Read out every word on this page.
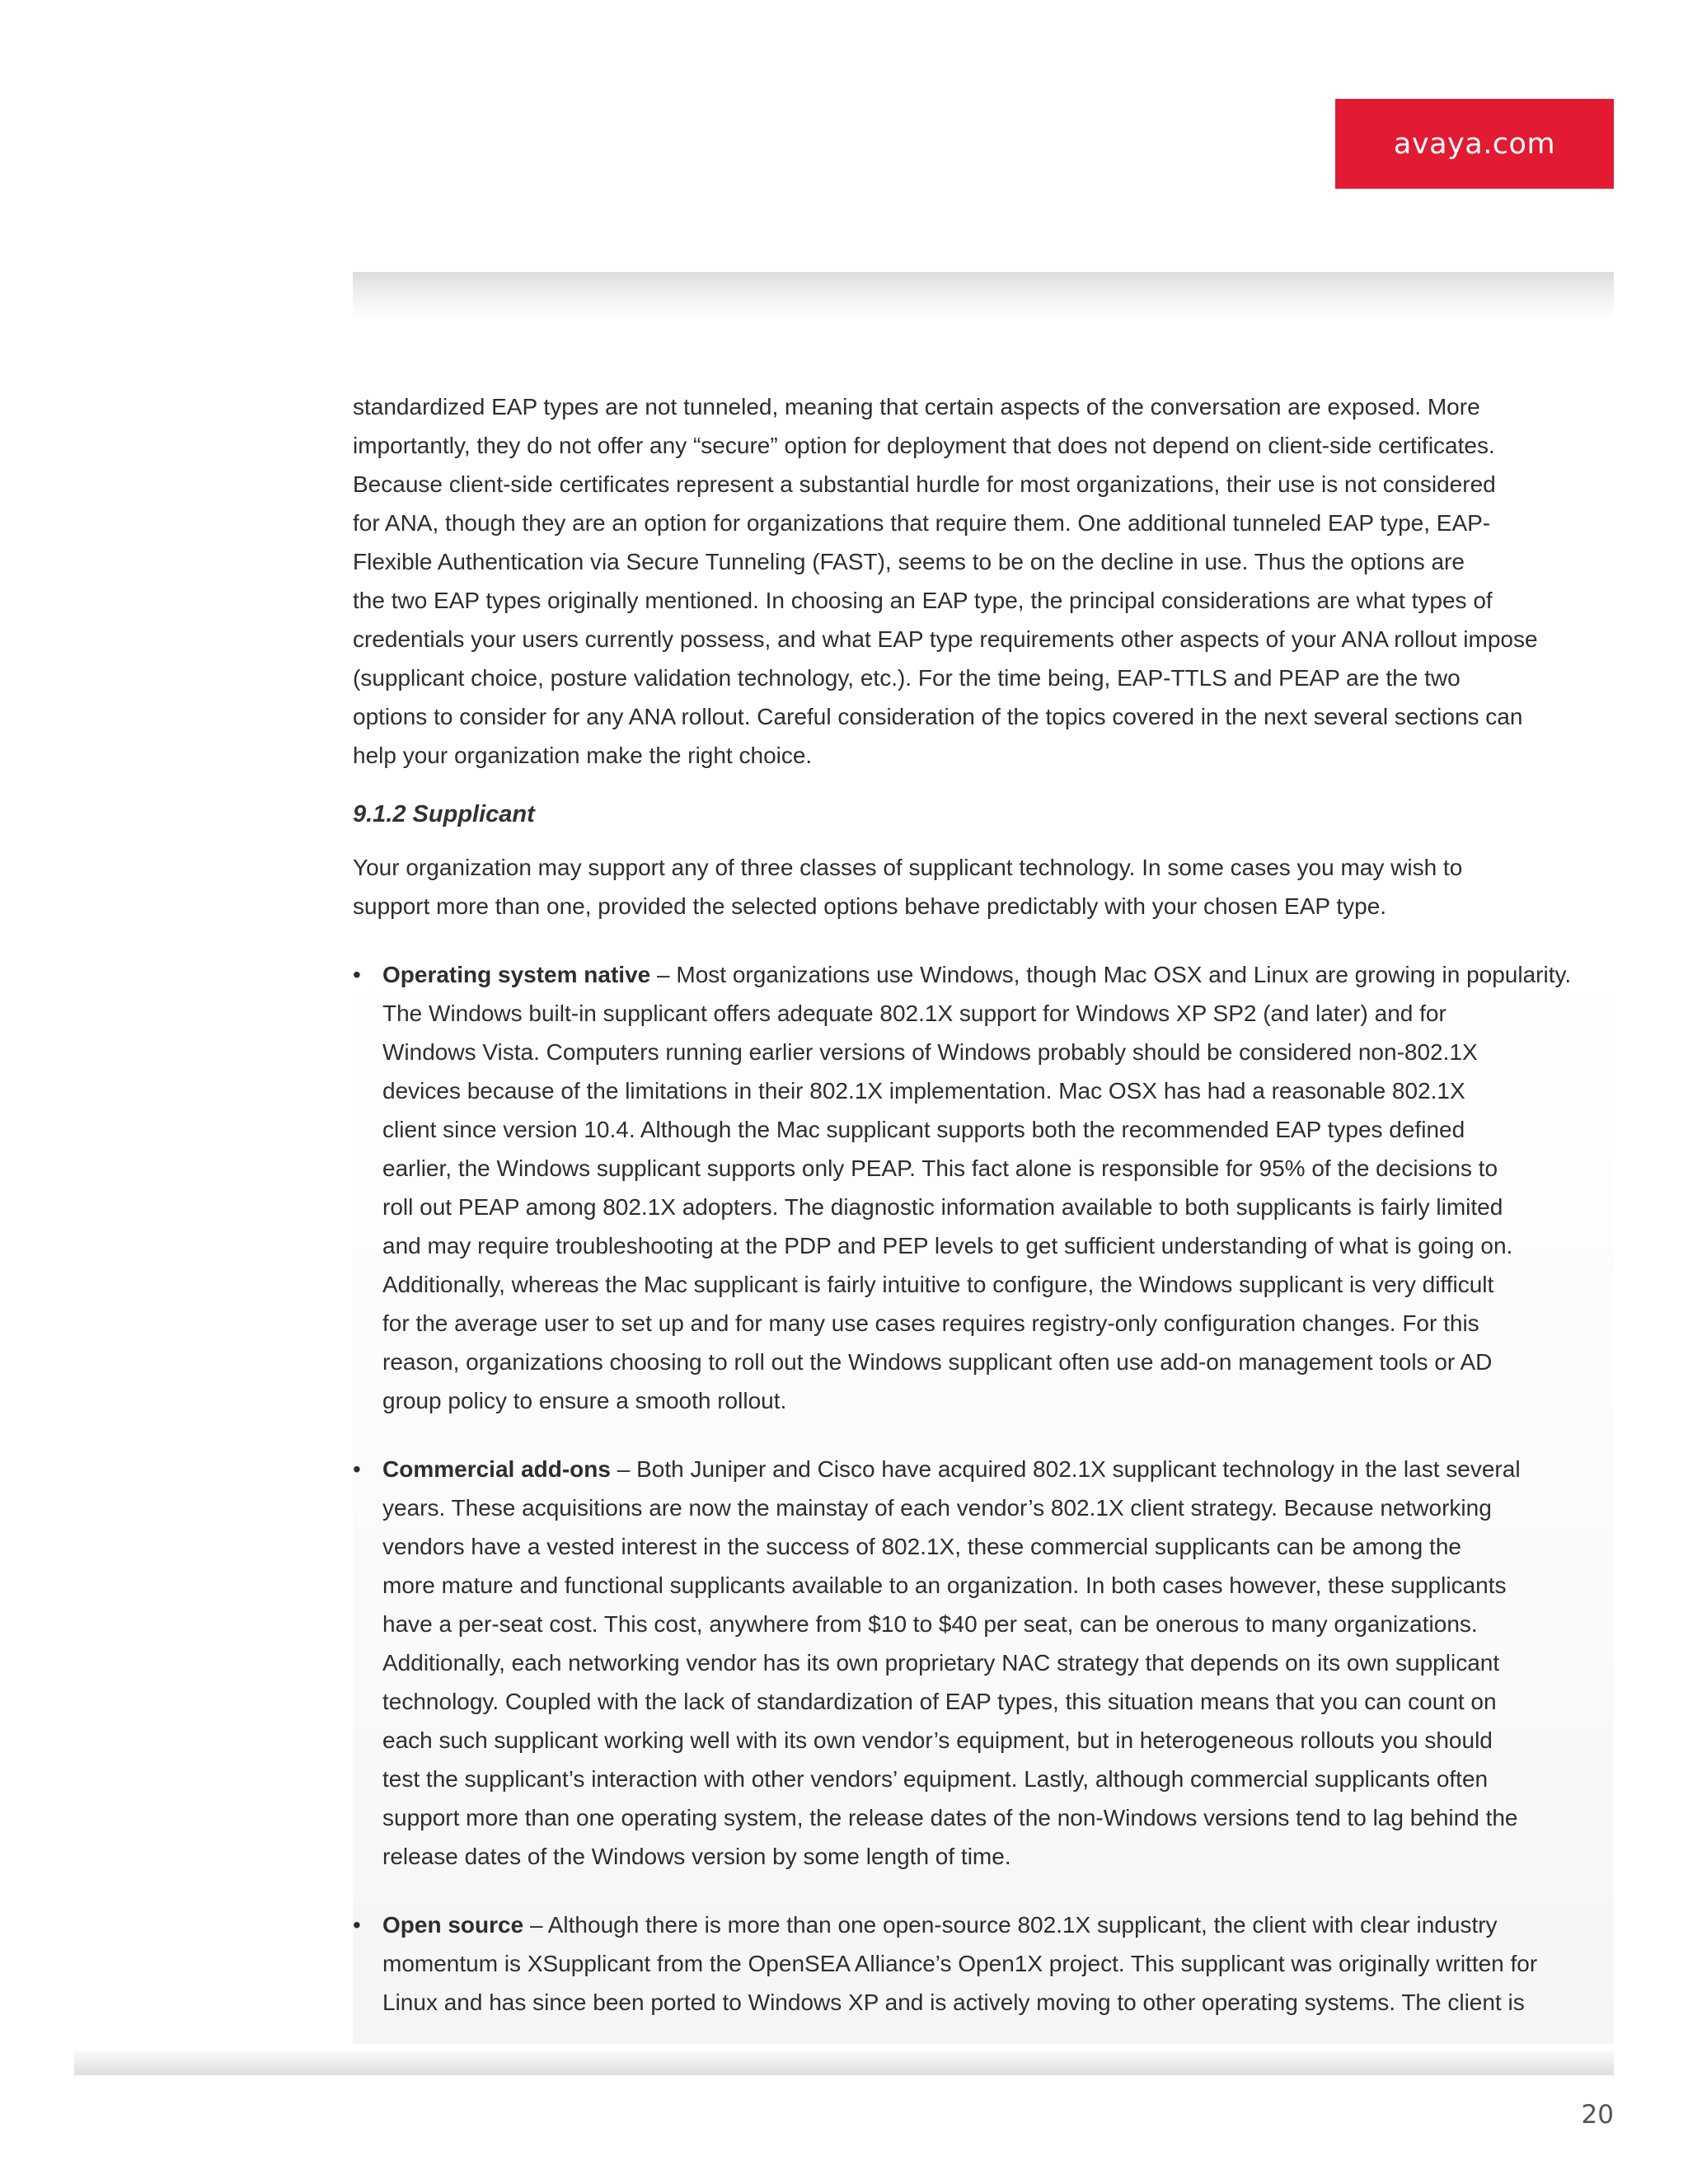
avaya.com

standardized EAP types are not tunneled, meaning that certain aspects of the conversation are exposed. More
importantly, they do not offer any “secure” option for deployment that does not depend on client-side certificates.
Because client-side certificates represent a substantial hurdle for most organizations, their use is not considered
for ANA, though they are an option for organizations that require them. One additional tunneled EAP type, EAP-
Flexible Authentication via Secure Tunneling (FAST), seems to be on the decline in use. Thus the options are
the two EAP types originally mentioned. In choosing an EAP type, the principal considerations are what types of
credentials your users currently possess, and what EAP type requirements other aspects of your ANA rollout impose
(supplicant choice, posture validation technology, etc.). For the time being, EAP-TTLS and PEAP are the two
options to consider for any ANA rollout. Careful consideration of the topics covered in the next several sections can
help your organization make the right choice.

9.1.2 Supplicant

Your organization may support any of three classes of supplicant technology. In some cases you may wish to
support more than one, provided the selected options behave predictably with your chosen EAP type.

• Operating system native – Most organizations use Windows, though Mac OSX and Linux are growing in popularity.
The Windows built-in supplicant offers adequate 802.1X support for Windows XP SP2 (and later) and for
Windows Vista. Computers running earlier versions of Windows probably should be considered non-802.1X
devices because of the limitations in their 802.1X implementation. Mac OSX has had a reasonable 802.1X
client since version 10.4. Although the Mac supplicant supports both the recommended EAP types defined
earlier, the Windows supplicant supports only PEAP. This fact alone is responsible for 95% of the decisions to
roll out PEAP among 802.1X adopters. The diagnostic information available to both supplicants is fairly limited
and may require troubleshooting at the PDP and PEP levels to get sufficient understanding of what is going on.
Additionally, whereas the Mac supplicant is fairly intuitive to configure, the Windows supplicant is very difficult
for the average user to set up and for many use cases requires registry-only configuration changes. For this
reason, organizations choosing to roll out the Windows supplicant often use add-on management tools or AD
group policy to ensure a smooth rollout.
• Commercial add-ons – Both Juniper and Cisco have acquired 802.1X supplicant technology in the last several
years. These acquisitions are now the mainstay of each vendor’s 802.1X client strategy. Because networking
vendors have a vested interest in the success of 802.1X, these commercial supplicants can be among the
more mature and functional supplicants available to an organization. In both cases however, these supplicants
have a per-seat cost. This cost, anywhere from $10 to $40 per seat, can be onerous to many organizations.
Additionally, each networking vendor has its own proprietary NAC strategy that depends on its own supplicant
technology. Coupled with the lack of standardization of EAP types, this situation means that you can count on
each such supplicant working well with its own vendor’s equipment, but in heterogeneous rollouts you should
test the supplicant’s interaction with other vendors’ equipment. Lastly, although commercial supplicants often
support more than one operating system, the release dates of the non-Windows versions tend to lag behind the
release dates of the Windows version by some length of time.
• Open source – Although there is more than one open-source 802.1X supplicant, the client with clear industry
momentum is XSupplicant from the OpenSEA Alliance’s Open1X project. This supplicant was originally written for
Linux and has since been ported to Windows XP and is actively moving to other operating systems. The client is
20
